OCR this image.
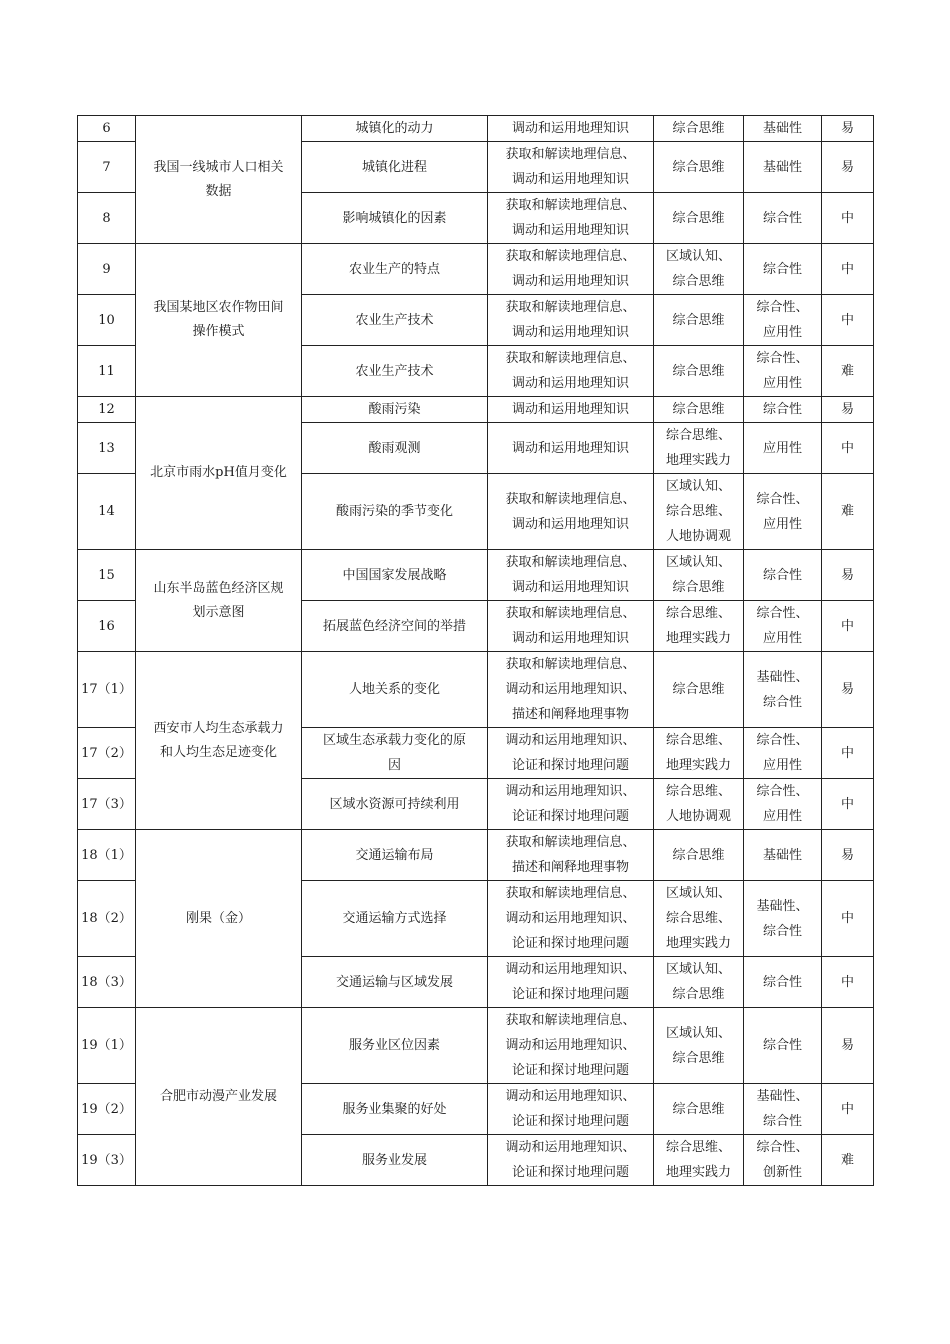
6	我国一线城市人口相关
数据	城镇化的动力	调动和运用地理知识	综合思维	基础性	易
7		城镇化进程	获取和解读地理信息、
调动和运用地理知识	综合思维	基础性	易
8		影响城镇化的因素	获取和解读地理信息、
调动和运用地理知识	综合思维	综合性	中
9	我国某地区农作物田间
操作模式	农业生产的特点	获取和解读地理信息、
调动和运用地理知识	区域认知、
综合思维	综合性	中
10		农业生产技术	获取和解读地理信息、
调动和运用地理知识	综合思维	综合性、
应用性	中
11		农业生产技术	获取和解读地理信息、
调动和运用地理知识	综合思维	综合性、
应用性	难
12	北京市雨水pH值月变化	酸雨污染	调动和运用地理知识	综合思维	综合性	易
13		酸雨观测	调动和运用地理知识	综合思维、
地理实践力	应用性	中
14		酸雨污染的季节变化	获取和解读地理信息、
调动和运用地理知识	区域认知、
综合思维、
人地协调观	综合性、
应用性	难
15	山东半岛蓝色经济区规
划示意图	中国国家发展战略	获取和解读地理信息、
调动和运用地理知识	区域认知、
综合思维	综合性	易
16		拓展蓝色经济空间的举措	获取和解读地理信息、
调动和运用地理知识	综合思维、
地理实践力	综合性、
应用性	中
17（1）	西安市人均生态承载力
和人均生态足迹变化	人地关系的变化	获取和解读地理信息、
调动和运用地理知识、
描述和阐释地理事物	综合思维	基础性、
综合性	易
17（2）		区域生态承载力变化的原
因	调动和运用地理知识、
论证和探讨地理问题	综合思维、
地理实践力	综合性、
应用性	中
17（3）		区域水资源可持续利用	调动和运用地理知识、
论证和探讨地理问题	综合思维、
人地协调观	综合性、
应用性	中
18（1）	刚果（金）	交通运输布局	获取和解读地理信息、
描述和阐释地理事物	综合思维	基础性	易
18（2）		交通运输方式选择	获取和解读地理信息、
调动和运用地理知识、
论证和探讨地理问题	区域认知、
综合思维、
地理实践力	基础性、
综合性	中
18（3）		交通运输与区域发展	调动和运用地理知识、
论证和探讨地理问题	区域认知、
综合思维	综合性	中
19（1）	合肥市动漫产业发展	服务业区位因素	获取和解读地理信息、
调动和运用地理知识、
论证和探讨地理问题	区域认知、
综合思维	综合性	易
19（2）		服务业集聚的好处	调动和运用地理知识、
论证和探讨地理问题	综合思维	基础性、
综合性	中
19（3）		服务业发展	调动和运用地理知识、
论证和探讨地理问题	综合思维、
地理实践力	综合性、
创新性	难
